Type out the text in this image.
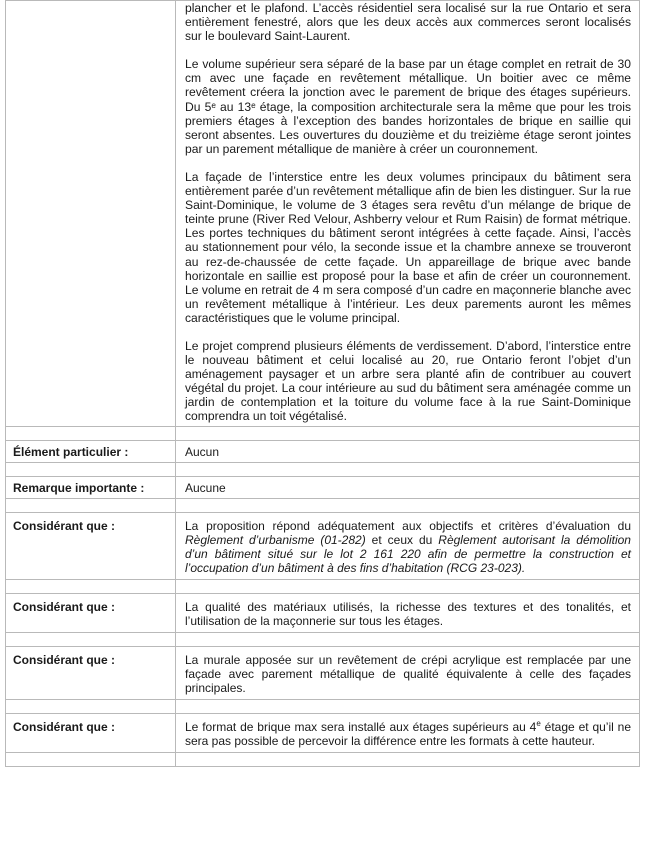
	plancher et le plafond. L’accès résidentiel sera localisé sur la rue Ontario et sera entièrement fenestré, alors que les deux accès aux commerces seront localisés sur le boulevard Saint-Laurent.

Le volume supérieur sera séparé de la base par un étage complet en retrait de 30 cm avec une façade en revêtement métallique. Un boitier avec ce même revêtement créera la jonction avec le parement de brique des étages supérieurs. Du 5ᵉ au 13ᵉ étage, la composition architecturale sera la même que pour les trois premiers étages à l’exception des bandes horizontales de brique en saillie qui seront absentes. Les ouvertures du douzième et du treizième étage seront jointes par un parement métallique de manière à créer un couronnement.

La façade de l’interstice entre les deux volumes principaux du bâtiment sera entièrement parée d’un revêtement métallique afin de bien les distinguer. Sur la rue Saint-Dominique, le volume de 3 étages sera revêtu d’un mélange de brique de teinte prune (River Red Velour, Ashberry velour et Rum Raisin) de format métrique. Les portes techniques du bâtiment seront intégrées à cette façade. Ainsi, l’accès au stationnement pour vélo, la seconde issue et la chambre annexe se trouveront au rez-de-chaussée de cette façade. Un appareillage de brique avec bande horizontale en saillie est proposé pour la base et afin de créer un couronnement. Le volume en retrait de 4 m sera composé d’un cadre en maçonnerie blanche avec un revêtement métallique à l’intérieur. Les deux parements auront les mêmes caractéristiques que le volume principal.

Le projet comprend plusieurs éléments de verdissement. D’abord, l’interstice entre le nouveau bâtiment et celui localisé au 20, rue Ontario feront l’objet d’un aménagement paysager et un arbre sera planté afin de contribuer au couvert végétal du projet. La cour intérieure au sud du bâtiment sera aménagée comme un jardin de contemplation et la toiture du volume face à la rue Saint-Dominique comprendra un toit végétalisé.

Élément particulier :	Aucun

Remarque importante :	Aucune

Considérant que :	La proposition répond adéquatement aux objectifs et critères d’évaluation du Règlement d’urbanisme (01-282) et ceux du Règlement autorisant la démolition d’un bâtiment situé sur le lot 2 161 220 afin de permettre la construction et l’occupation d’un bâtiment à des fins d’habitation (RCG 23-023).

Considérant que :	La qualité des matériaux utilisés, la richesse des textures et des tonalités, et l’utilisation de la maçonnerie sur tous les étages.

Considérant que :	La murale apposée sur un revêtement de crépi acrylique est remplacée par une façade avec parement métallique de qualité équivalente à celle des façades principales.

Considérant que :	Le format de brique max sera installé aux étages supérieurs au 4e étage et qu’il ne sera pas possible de percevoir la différence entre les formats à cette hauteur.
